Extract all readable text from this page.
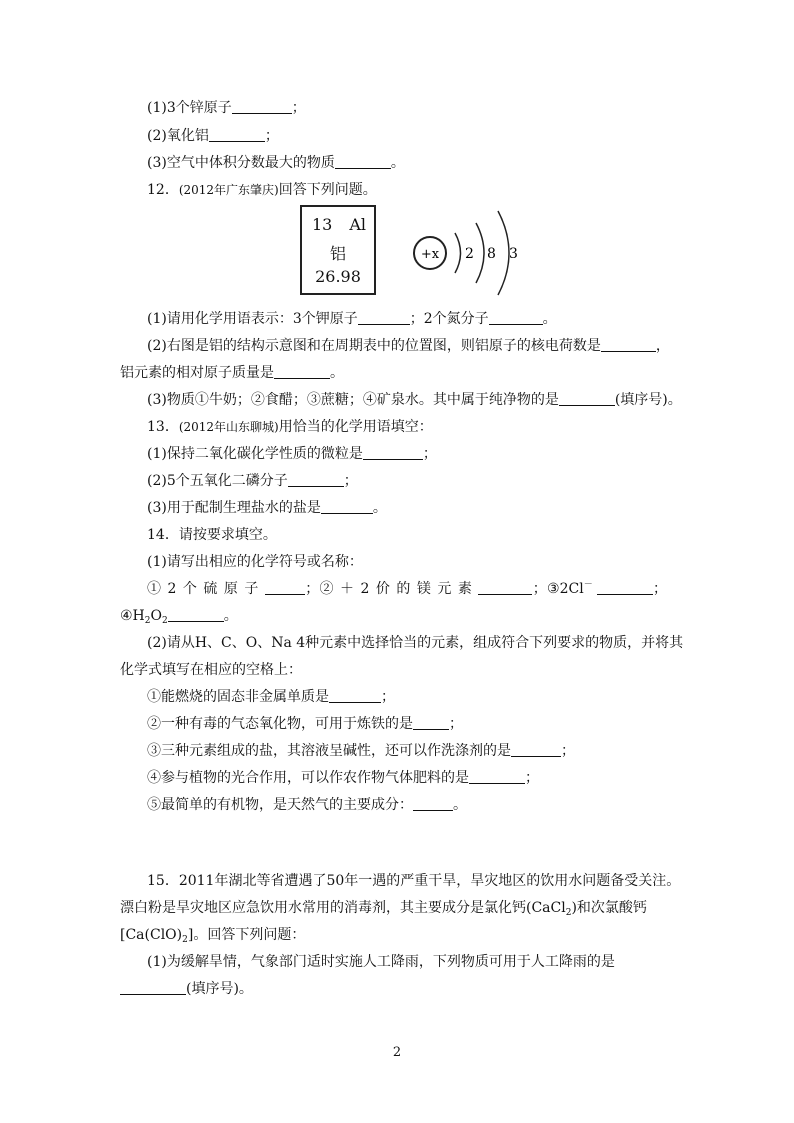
(1)3个锌原子	；
(2)氧化铝	；
(3)空气中体积分数最大的物质	。
12．(2012年广东肇庆)回答下列问题。
13 Al
铝
26.98
+x 2 8 3
(1)请用化学用语表示：3个钾原子	；2个氮分子	。
(2)右图是铝的结构示意图和在周期表中的位置图，则铝原子的核电荷数是	，
铝元素的相对原子质量是	。
(3)物质①牛奶；②食醋；③蔗糖；④矿泉水。其中属于纯净物的是	(填序号)。
13．(2012年山东聊城)用恰当的化学用语填空：
(1)保持二氧化碳化学性质的微粒是	；
(2)5个五氧化二磷分子	；
(3)用于配制生理盐水的盐是	。
14．请按要求填空。
(1)请写出相应的化学符号或名称：
①2个硫原子	； ②＋2价的镁元素	； ③2Cl－	；
$④H_2O_2$	。
(2)请从H、C、O、Na 4种元素中选择恰当的元素，组成符合下列要求的物质，并将其
化学式填写在相应的空格上：
①能燃烧的固态非金属单质是	；
②一种有毒的气态氧化物，可用于炼铁的是	；
③三种元素组成的盐，其溶液呈碱性，还可以作洗涤剂的是	；
④参与植物的光合作用，可以作农作物气体肥料的是	；
⑤最简单的有机物，是天然气的主要成分：	。
15．2011年湖北等省遭遇了50年一遇的严重干旱，旱灾地区的饮用水问题备受关注。
漂白粉是旱灾地区应急饮用水常用的消毒剂，其主要成分是氯化钙(CaCl$_2$)和次氯酸钙
$[Ca(ClO)_2]$。回答下列问题：
(1)为缓解旱情，气象部门适时实施人工降雨，下列物质可用于人工降雨的是
(填序号)。
2
